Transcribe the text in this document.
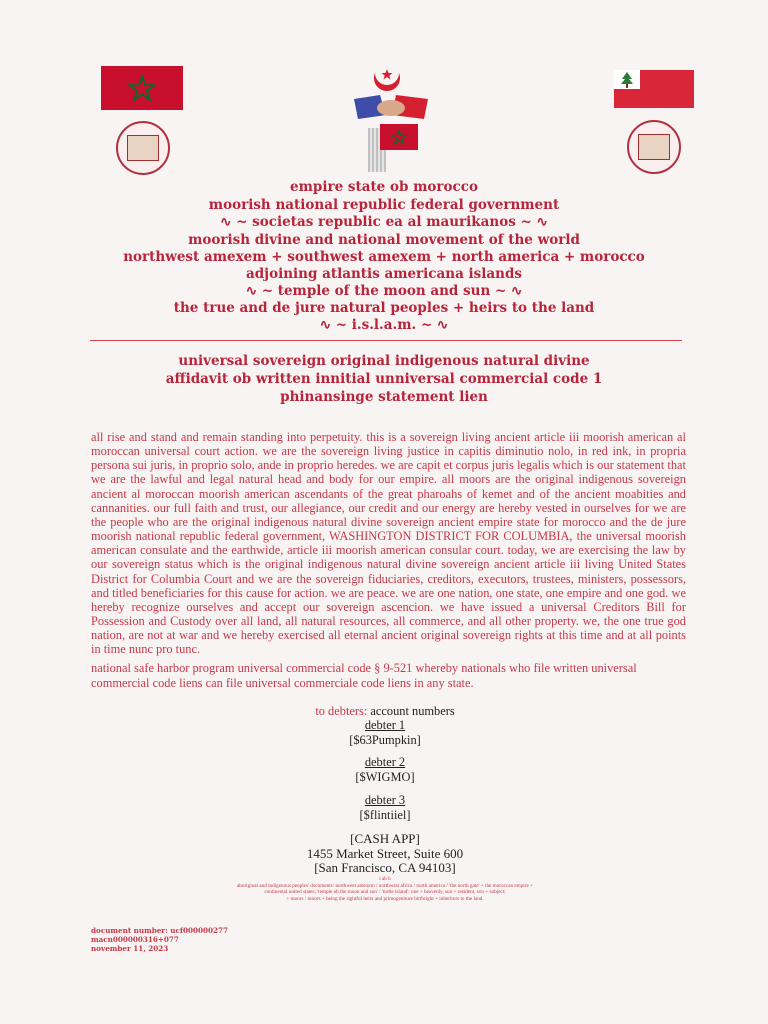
empire state ob morocco
moorish national republic federal government
∿ ~ societas republic ea al maurikanos ~ ∿
moorish divine and national movement of the world
northwest amexem + southwest amexem + north america + morocco
adjoining atlantis americana islands
∿ ~ temple of the moon and sun ~ ∿
the true and de jure natural peoples + heirs to the land
∿ ~ i.s.l.a.m. ~ ∿
universal sovereign original indigenous natural divine
affidavit ob written innitial unniversal commercial code 1
phinansinge statement lien
all rise and stand and remain standing into perpetuity. this is a sovereign living ancient article iii moorish american al moroccan universal court action. we are the sovereign living justice in capitis diminutio nolo, in red ink, in propria persona sui juris, in proprio solo, ande in proprio heredes. we are capit et corpus juris legalis which is our statement that we are the lawful and legal natural head and body for our empire. all moors are the original indigenous sovereign ancient al moroccan moorish american ascendants of the great pharoahs of kemet and of the ancient moabities and cannanities. our full faith and trust, our allegiance, our credit and our energy are hereby vested in ourselves for we are the people who are the original indigenous natural divine sovereign ancient empire state for morocco and the de jure moorish national republic federal government, WASHINGTON DISTRICT FOR COLUMBIA, the universal moorish american consulate and the earthwide, article iii moorish american consular court. today, we are exercising the law by our sovereign status which is the original indigenous natural divine sovereign ancient article iii living United States District for Columbia Court and we are the sovereign fiduciaries, creditors, executors, trustees, ministers, possessors, and titled beneficiaries for this cause for action. we are peace. we are one nation, one state, one empire and one god. we hereby recognize ourselves and accept our sovereign ascencion. we have issued a universal Creditors Bill for Possession and Custody over all land, all natural resources, all commerce, and all other property. we, the one true god nation, are not at war and we hereby exercised all eternal ancient original sovereign rights at this time and at all points in time nunc pro tunc.
national safe harbor program universal commercial code § 9-521 whereby nationals who file written universal commercial code liens can file universal commerciale code liens in any state.
to debters: account numbers
debter 1
[$63Pumpkin]
debter 2
[$WIGMO]
debter 3
[$flintiiel]
[CASH APP]
1455 Market Street, Suite 600
[San Francisco, CA 94103]
i ab b
aboriginal and indigenous peoples' documents: northwest amexem / northwest africa / north america / 'the north gate' + the moroccan empire +
continental united states; 'temple ob the moon and sun' / 'turtle island': one + heavenly, sun + resident, son + subject;
+ moors / moors + being the rightful heirs and primogeniture birthright + inheritors to the land.
document number: ucf000000277
macn000000316+077
november 11, 2023
